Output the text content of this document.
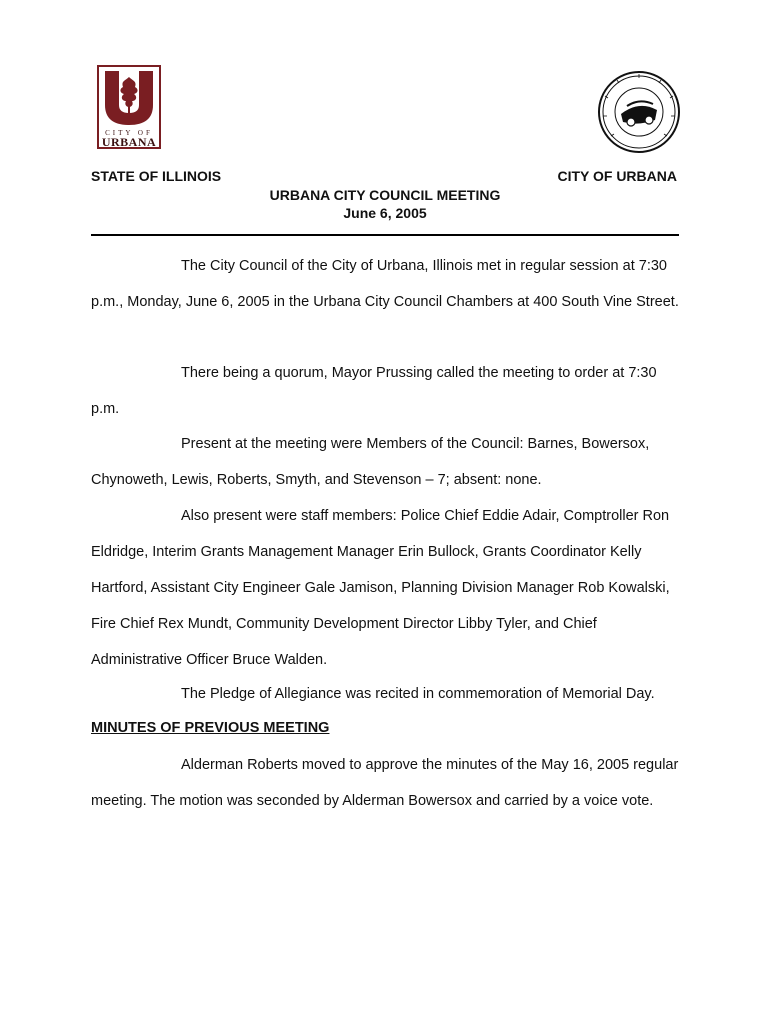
CITY OF
URBANA
STATE OF ILLINOIS	CITY OF URBANA
URBANA CITY COUNCIL MEETING
June 6, 2005

The City Council of the City of Urbana, Illinois met in regular session at 7:30 p.m., Monday, June 6, 2005 in the Urbana City Council Chambers at 400 South Vine Street.

There being a quorum, Mayor Prussing called the meeting to order at 7:30 p.m.

Present at the meeting were Members of the Council: Barnes, Bowersox, Chynoweth, Lewis, Roberts, Smyth, and Stevenson – 7; absent: none.

Also present were staff members: Police Chief Eddie Adair, Comptroller Ron Eldridge, Interim Grants Management Manager Erin Bullock, Grants Coordinator Kelly Hartford, Assistant City Engineer Gale Jamison, Planning Division Manager Rob Kowalski, Fire Chief Rex Mundt, Community Development Director Libby Tyler, and Chief Administrative Officer Bruce Walden.

The Pledge of Allegiance was recited in commemoration of Memorial Day.

MINUTES OF PREVIOUS MEETING

Alderman Roberts moved to approve the minutes of the May 16, 2005 regular meeting. The motion was seconded by Alderman Bowersox and carried by a voice vote.
